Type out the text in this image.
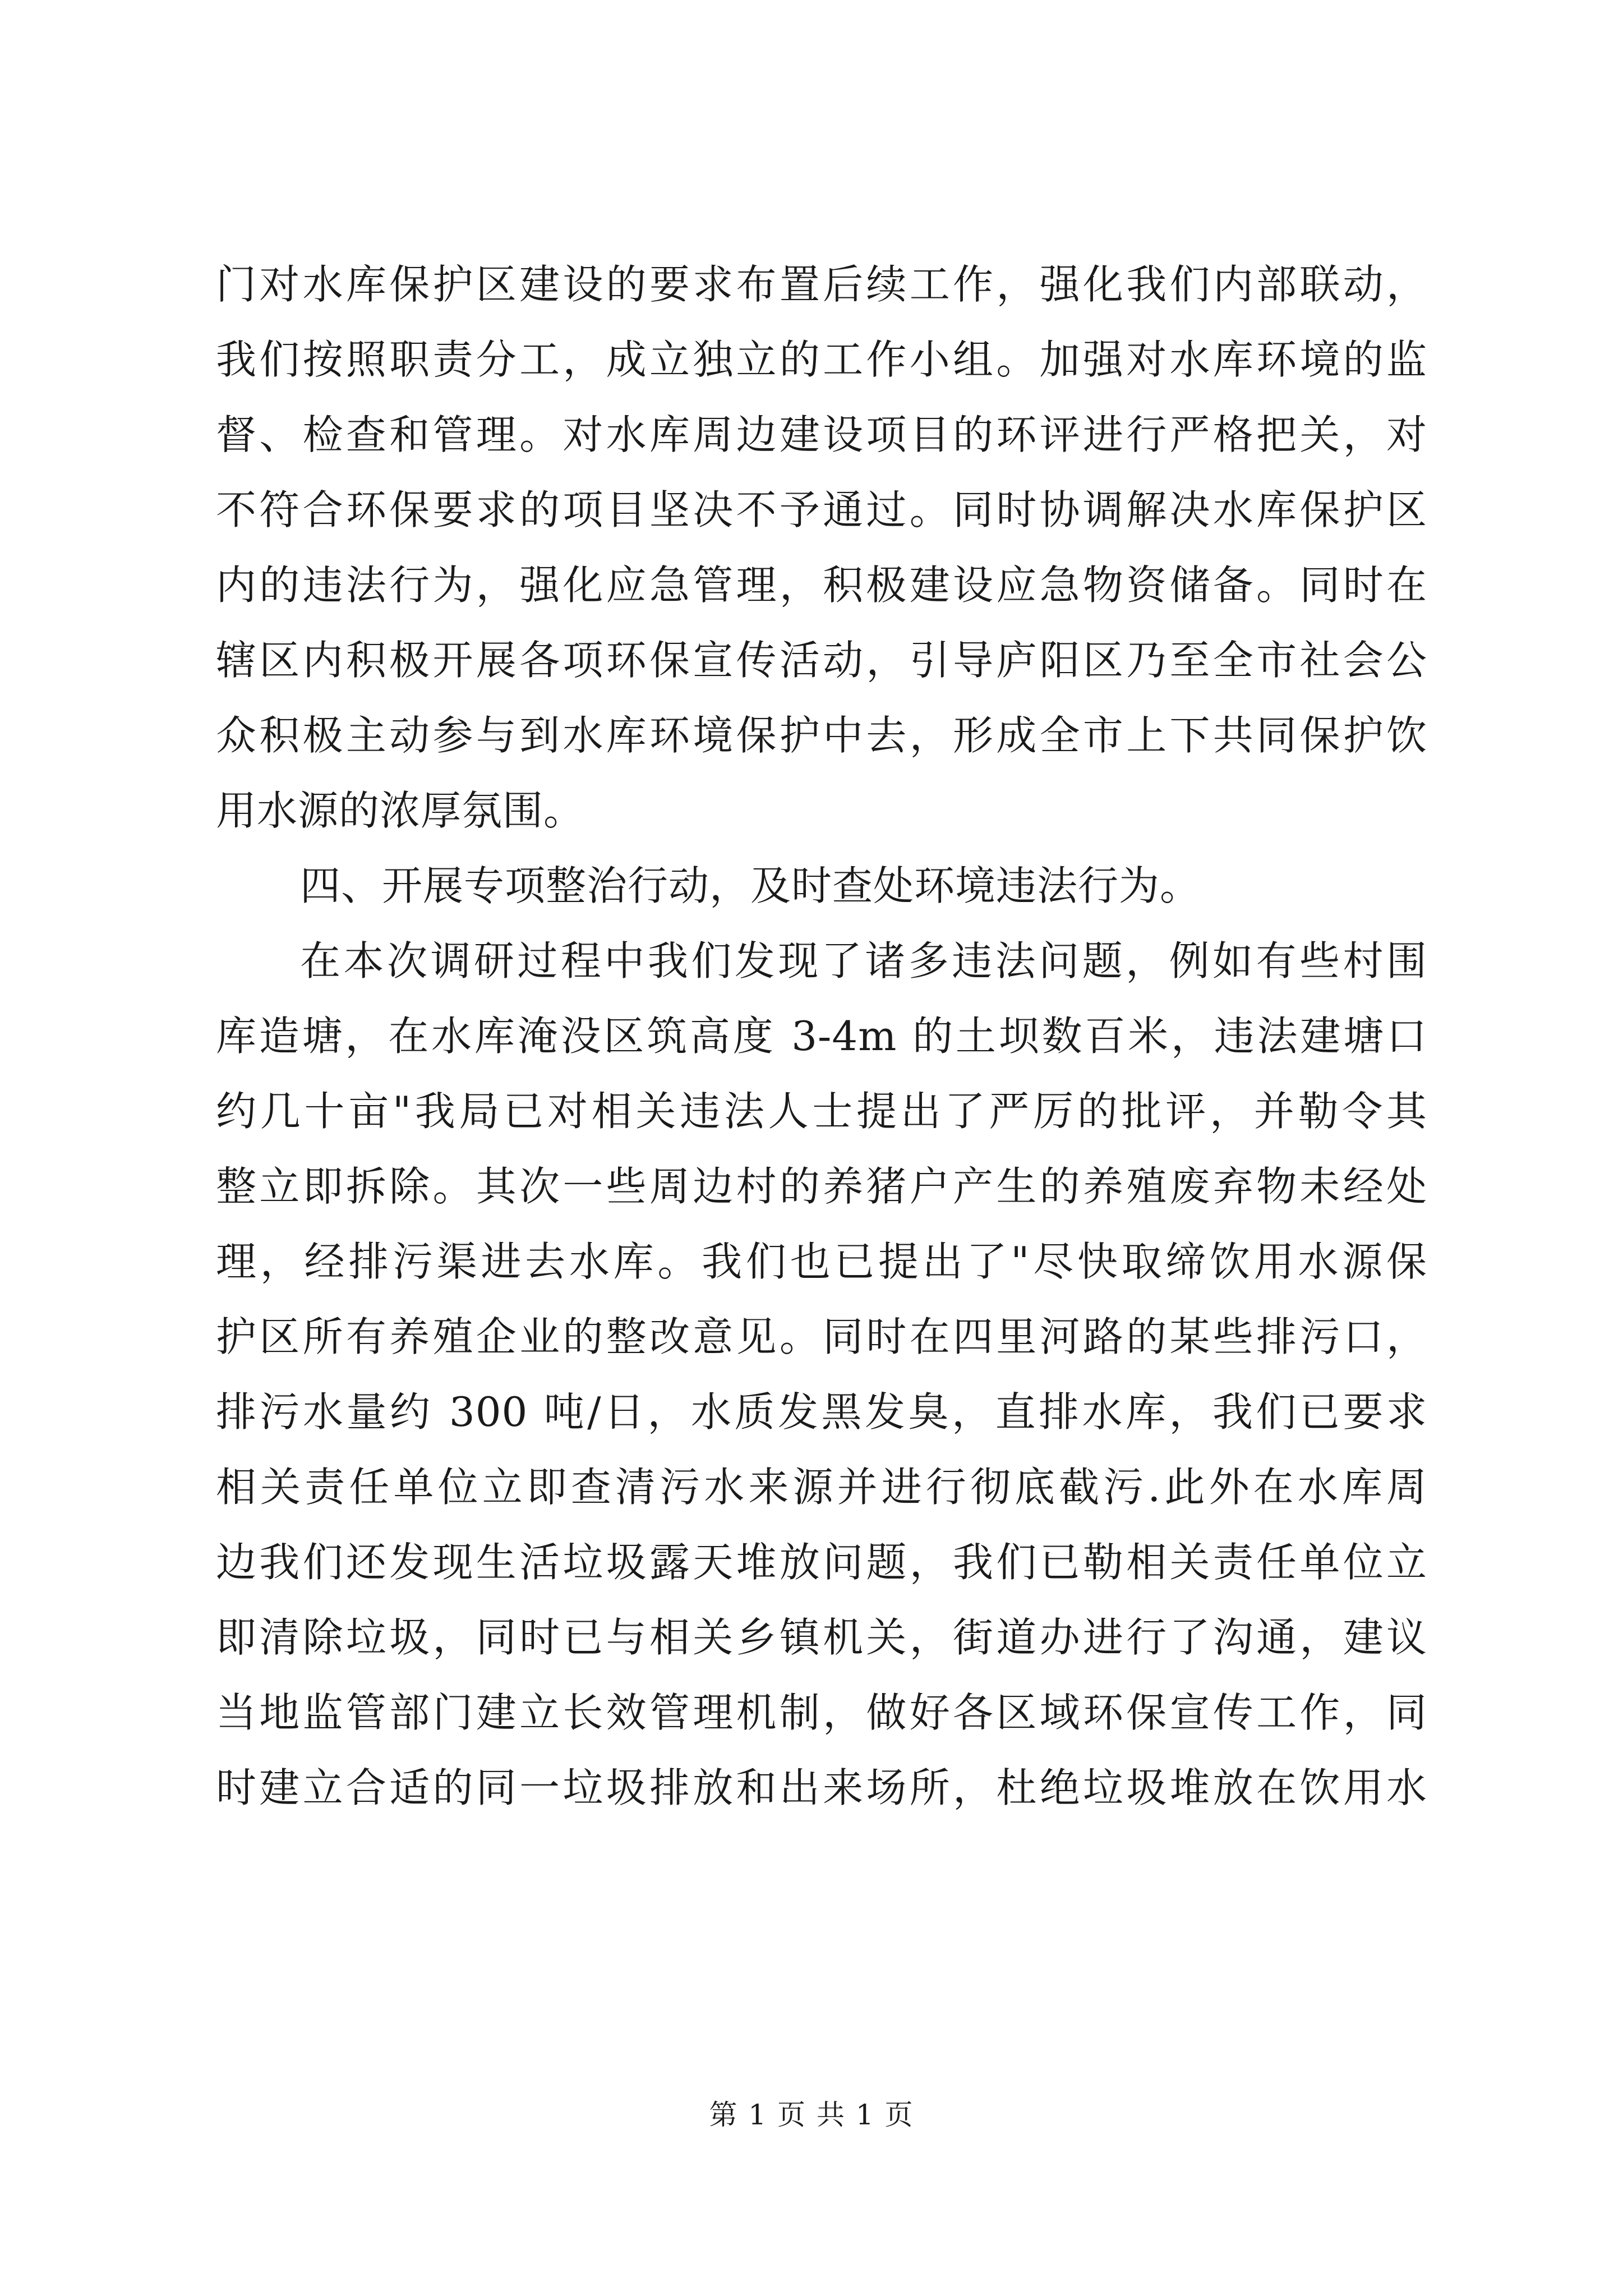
门对水库保护区建设的要求布置后续工作，强化我们内部联动，
我们按照职责分工，成立独立的工作小组。加强对水库环境的监
督、检查和管理。对水库周边建设项目的环评进行严格把关，对
不符合环保要求的项目坚决不予通过。同时协调解决水库保护区
内的违法行为，强化应急管理，积极建设应急物资储备。同时在
辖区内积极开展各项环保宣传活动，引导庐阳区乃至全市社会公
众积极主动参与到水库环境保护中去，形成全市上下共同保护饮
用水源的浓厚氛围。
四、开展专项整治行动，及时查处环境违法行为。
在本次调研过程中我们发现了诸多违法问题，例如有些村围
库造塘，在水库淹没区筑高度 3-4m 的土坝数百米，违法建塘口
约几十亩"我局已对相关违法人士提出了严厉的批评，并勒令其
整立即拆除。其次一些周边村的养猪户产生的养殖废弃物未经处
理，经排污渠进去水库。我们也已提出了"尽快取缔饮用水源保
护区所有养殖企业的整改意见。同时在四里河路的某些排污口，
排污水量约 300 吨/日，水质发黑发臭，直排水库，我们已要求
相关责任单位立即查清污水来源并进行彻底截污.此外在水库周
边我们还发现生活垃圾露天堆放问题，我们已勒相关责任单位立
即清除垃圾，同时已与相关乡镇机关，街道办进行了沟通，建议
当地监管部门建立长效管理机制，做好各区域环保宣传工作，同
时建立合适的同一垃圾排放和出来场所，杜绝垃圾堆放在饮用水
第 1 页 共 1 页
